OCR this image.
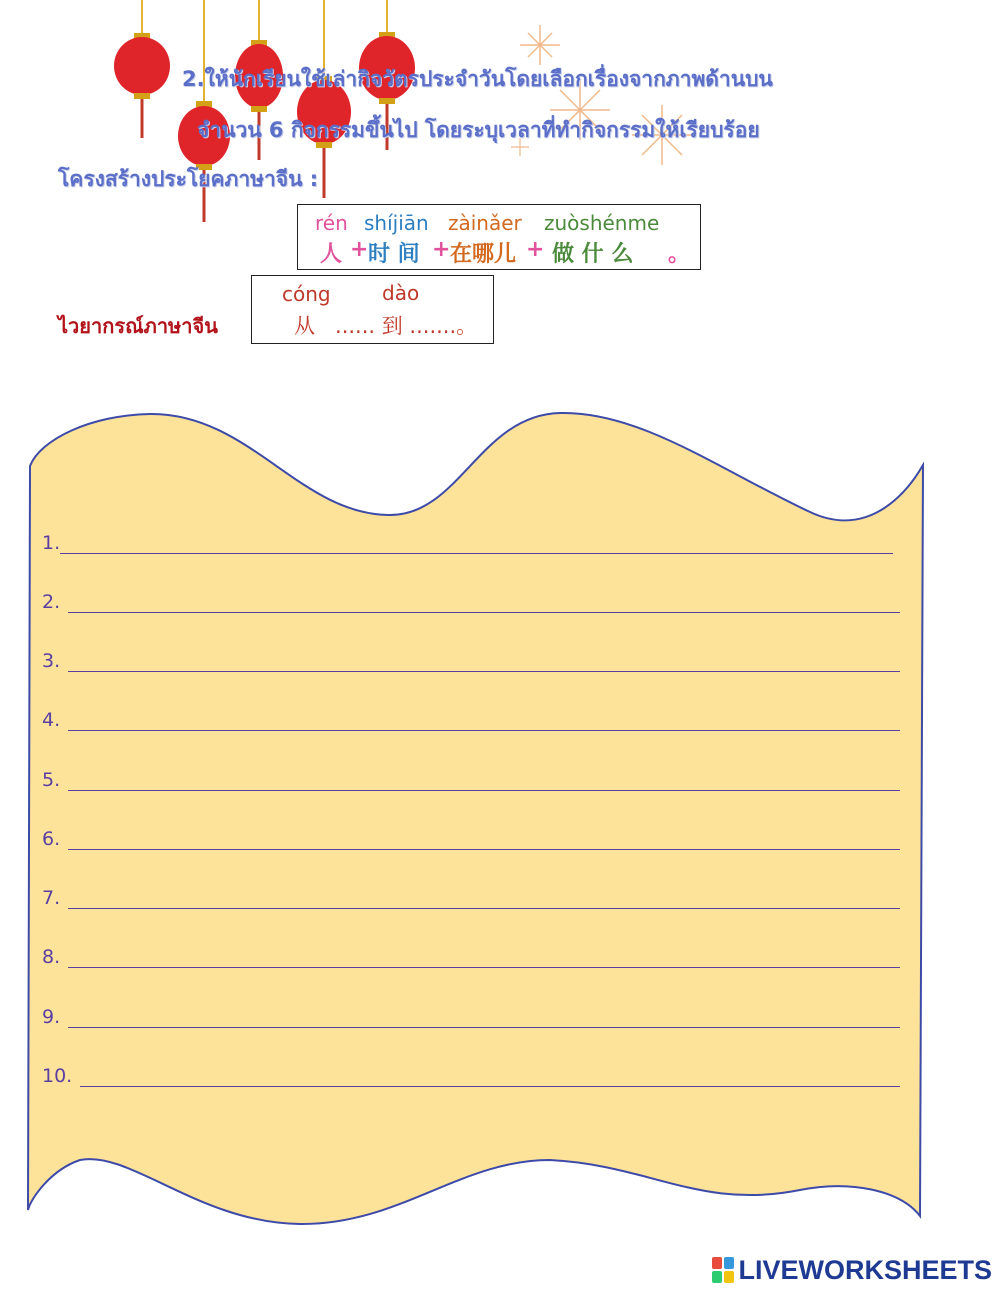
2.ให้นักเรียนใช้เล่ากิจวัตรประจำวันโดยเลือกเรื่องจากภาพด้านบน
จำนวน 6 กิจกรรมขึ้นไป โดยระบุเวลาที่ทำกิจกรรมให้เรียบร้อย
โครงสร้างประโยคภาษาจีน :
rén shíjiān zàinǎer zuòshénme
人 + 时 间 + 在哪儿 + 做 什 么 。
ไวยากรณ์ภาษาจีน
cóng	dào
从   ...... 到 .......。
1.
2.
3.
4.
5.
6.
7.
8.
9.
10.
LIVEWORKSHEETS
